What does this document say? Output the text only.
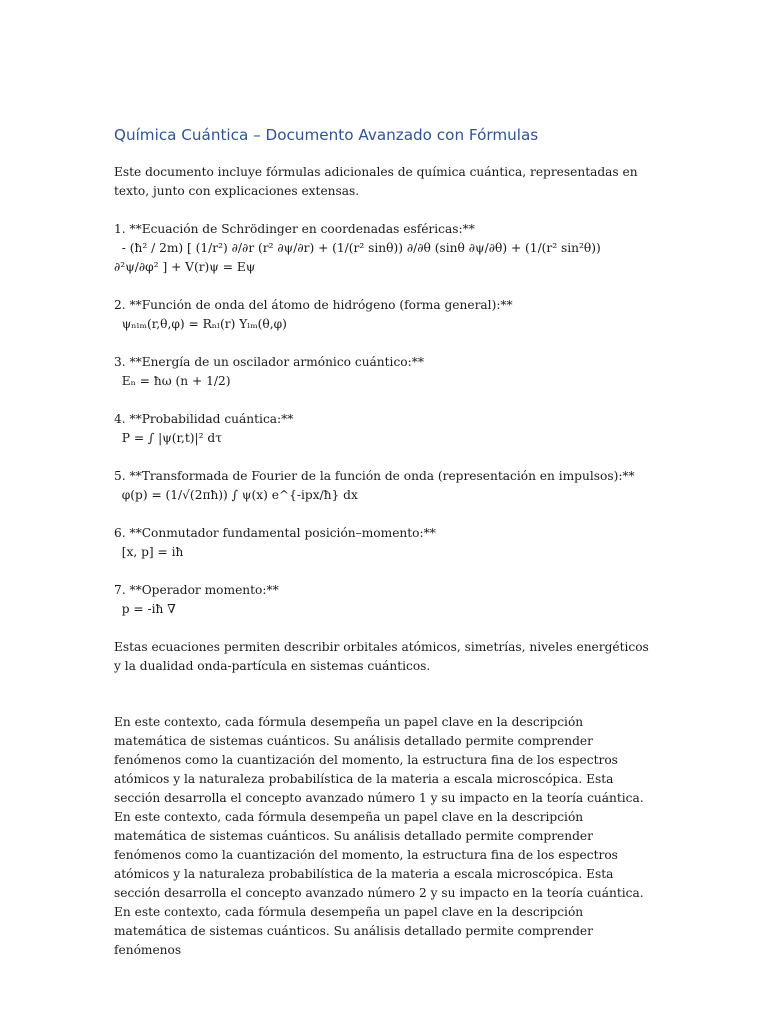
Química Cuántica – Documento Avanzado con Fórmulas

Este documento incluye fórmulas adicionales de química cuántica, representadas en texto, junto con explicaciones extensas.

1. **Ecuación de Schrödinger en coordenadas esféricas:**
- (ħ² / 2m) [ (1/r²) ∂/∂r (r² ∂ψ/∂r) + (1/(r² sinθ)) ∂/∂θ (sinθ ∂ψ/∂θ) + (1/(r² sin²θ))
∂²ψ/∂φ² ] + V(r)ψ = Eψ
2. **Función de onda del átomo de hidrógeno (forma general):**
ψₙₗₘ(r,θ,φ) = Rₙₗ(r) Yₗₘ(θ,φ)
3. **Energía de un oscilador armónico cuántico:**
Eₙ = ħω (n + 1/2)
4. **Probabilidad cuántica:**
P = ∫ |ψ(r,t)|² dτ
5. **Transformada de Fourier de la función de onda (representación en impulsos):**
φ(p) = (1/√(2πħ)) ∫ ψ(x) e^{-ipx/ħ} dx
6. **Conmutador fundamental posición–momento:**
[x, p] = iħ
7. **Operador momento:**
p = -iħ ∇

Estas ecuaciones permiten describir orbitales atómicos, simetrías, niveles energéticos y la dualidad onda-partícula en sistemas cuánticos.

En este contexto, cada fórmula desempeña un papel clave en la descripción matemática de sistemas cuánticos. Su análisis detallado permite comprender fenómenos como la cuantización del momento, la estructura fina de los espectros atómicos y la naturaleza probabilística de la materia a escala microscópica. Esta sección desarrolla el concepto avanzado número 1 y su impacto en la teoría cuántica. En este contexto, cada fórmula desempeña un papel clave en la descripción matemática de sistemas cuánticos. Su análisis detallado permite comprender fenómenos como la cuantización del momento, la estructura fina de los espectros atómicos y la naturaleza probabilística de la materia a escala microscópica. Esta sección desarrolla el concepto avanzado número 2 y su impacto en la teoría cuántica. En este contexto, cada fórmula desempeña un papel clave en la descripción matemática de sistemas cuánticos. Su análisis detallado permite comprender fenómenos
